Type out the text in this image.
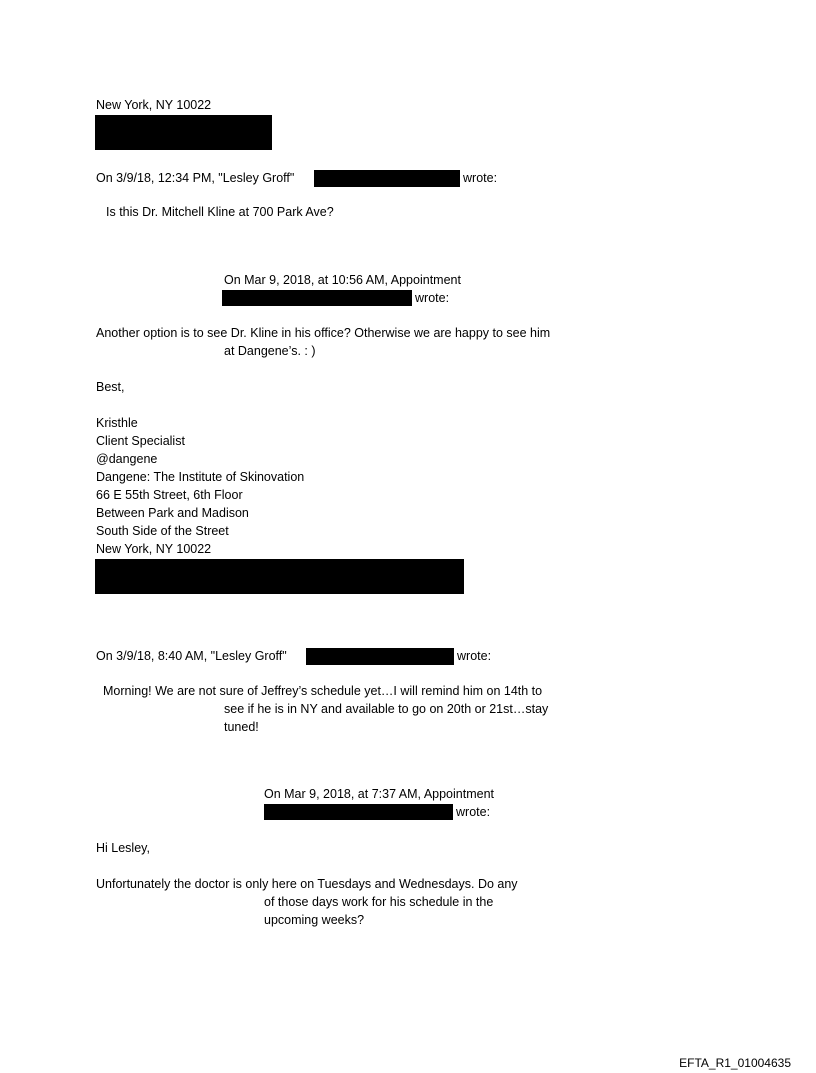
New York, NY 10022
On 3/9/18, 12:34 PM, "Lesley Groff"	wrote:
Is this Dr. Mitchell Kline at 700 Park Ave?
On Mar 9, 2018, at 10:56 AM, Appointment
wrote:
Another option is to see Dr. Kline in his office? Otherwise we are happy to see him
at Dangene’s. : )
Best,
Kristhle
Client Specialist
@dangene
Dangene: The Institute of Skinovation
66 E 55th Street, 6th Floor
Between Park and Madison
South Side of the Street
New York, NY 10022
On 3/9/18, 8:40 AM, "Lesley Groff"	wrote:
Morning! We are not sure of Jeffrey’s schedule yet…I will remind him on 14th to
see if he is in NY and available to go on 20th or 21st…stay
tuned!
On Mar 9, 2018, at 7:37 AM, Appointment
wrote:
Hi Lesley,
Unfortunately the doctor is only here on Tuesdays and Wednesdays. Do any
of those days work for his schedule in the
upcoming weeks?
EFTA_R1_01004635
